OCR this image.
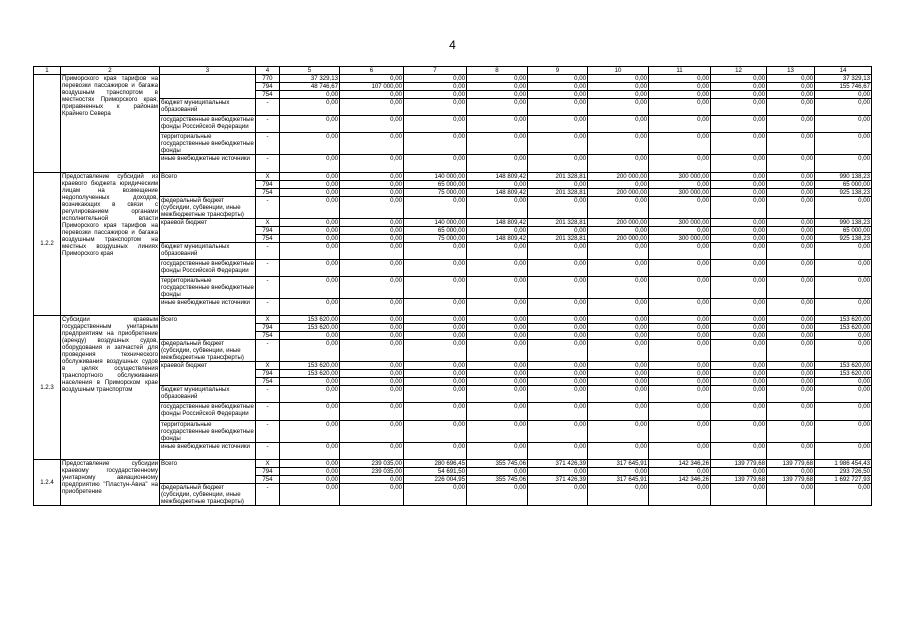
4
1	2	3	4	5	6	7	8	9	10	11	12	13	14
	Приморского края тарифов на перевозки пассажиров и багажа воздушным транспортом в местностях Приморского края, приравненных к районам Крайнего Севера		770	37 329,13	0,00	0,00	0,00	0,00	0,00	0,00	0,00	0,00	37 329,13
			794	48 746,67	107 000,00	0,00	0,00	0,00	0,00	0,00	0,00	0,00	155 746,67
			754	0,00	0,00	0,00	0,00	0,00	0,00	0,00	0,00	0,00	0,00
		бюджет муниципальных образований	-	0,00	0,00	0,00	0,00	0,00	0,00	0,00	0,00	0,00	0,00
		государственные внебюджетные фонды Российской Федерации	-	0,00	0,00	0,00	0,00	0,00	0,00	0,00	0,00	0,00	0,00
		территориальные государственные внебюджетные фонды	-	0,00	0,00	0,00	0,00	0,00	0,00	0,00	0,00	0,00	0,00
		иные внебюджетные источники	-	0,00	0,00	0,00	0,00	0,00	0,00	0,00	0,00	0,00	0,00
1.2.2	Предоставление субсидий из краевого бюджета юридическим лицам на возмещение недополученных доходов, возникающих в связи с регулированием органами исполнительной власти Приморского края тарифов на перевозки пассажиров и багажа воздушным транспортом на местных воздушных линиях Приморского края	Всего	X	0,00	0,00	140 000,00	148 809,42	201 328,81	200 000,00	300 000,00	0,00	0,00	990 138,23
			794	0,00	0,00	65 000,00	0,00	0,00	0,00	0,00	0,00	0,00	65 000,00
			754	0,00	0,00	75 000,00	148 809,42	201 328,81	200 000,00	300 000,00	0,00	0,00	925 138,23
		федеральный бюджет (субсидии, субвенции, иные межбюджетные трансферты)	-	0,00	0,00	0,00	0,00	0,00	0,00	0,00	0,00	0,00	0,00
		краевой бюджет	X	0,00	0,00	140 000,00	148 809,42	201 328,81	200 000,00	300 000,00	0,00	0,00	990 138,23
			794	0,00	0,00	65 000,00	0,00	0,00	0,00	0,00	0,00	0,00	65 000,00
			754	0,00	0,00	75 000,00	148 809,42	201 328,81	200 000,00	300 000,00	0,00	0,00	925 138,23
		бюджет муниципальных образований	-	0,00	0,00	0,00	0,00	0,00	0,00	0,00	0,00	0,00	0,00
		государственные внебюджетные фонды Российской Федерации	-	0,00	0,00	0,00	0,00	0,00	0,00	0,00	0,00	0,00	0,00
		территориальные государственные внебюджетные фонды	-	0,00	0,00	0,00	0,00	0,00	0,00	0,00	0,00	0,00	0,00
		иные внебюджетные источники	-	0,00	0,00	0,00	0,00	0,00	0,00	0,00	0,00	0,00	0,00
1.2.3	Субсидии краевым государственным унитарным предприятиям на приобретение (аренду) воздушных судов, оборудования и запчастей для проведения технического обслуживания воздушных судов в целях осуществления транспортного обслуживания населения в Приморском крае воздушным транспортом	Всего	X	153 620,00	0,00	0,00	0,00	0,00	0,00	0,00	0,00	0,00	153 620,00
			794	153 620,00	0,00	0,00	0,00	0,00	0,00	0,00	0,00	0,00	153 620,00
			754	0,00	0,00	0,00	0,00	0,00	0,00	0,00	0,00	0,00	0,00
		федеральный бюджет (субсидии, субвенции, иные межбюджетные трансферты)	-	0,00	0,00	0,00	0,00	0,00	0,00	0,00	0,00	0,00	0,00
		краевой бюджет	X	153 620,00	0,00	0,00	0,00	0,00	0,00	0,00	0,00	0,00	153 620,00
			794	153 620,00	0,00	0,00	0,00	0,00	0,00	0,00	0,00	0,00	153 620,00
			754	0,00	0,00	0,00	0,00	0,00	0,00	0,00	0,00	0,00	0,00
		бюджет муниципальных образований	-	0,00	0,00	0,00	0,00	0,00	0,00	0,00	0,00	0,00	0,00
		государственные внебюджетные фонды Российской Федерации	-	0,00	0,00	0,00	0,00	0,00	0,00	0,00	0,00	0,00	0,00
		территориальные государственные внебюджетные фонды	-	0,00	0,00	0,00	0,00	0,00	0,00	0,00	0,00	0,00	0,00
		иные внебюджетные источники	-	0,00	0,00	0,00	0,00	0,00	0,00	0,00	0,00	0,00	0,00
1.2.4	Предоставление субсидии краевому государственному унитарному авиационному предприятию "Пластун-Авиа" на приобретение	Всего	X	0,00	239 035,00	280 696,45	355 745,06	371 426,39	317 645,91	142 346,26	139 779,68	139 779,68	1 986 454,43
			794	0,00	239 035,00	54 691,50	0,00	0,00	0,00	0,00	0,00	0,00	293 726,50
			754	0,00	0,00	226 004,95	355 745,06	371 426,39	317 645,91	142 346,26	139 779,68	139 779,68	1 692 727,93
		федеральный бюджет (субсидии, субвенции, иные межбюджетные трансферты)	-	0,00	0,00	0,00	0,00	0,00	0,00	0,00	0,00	0,00	0,00
